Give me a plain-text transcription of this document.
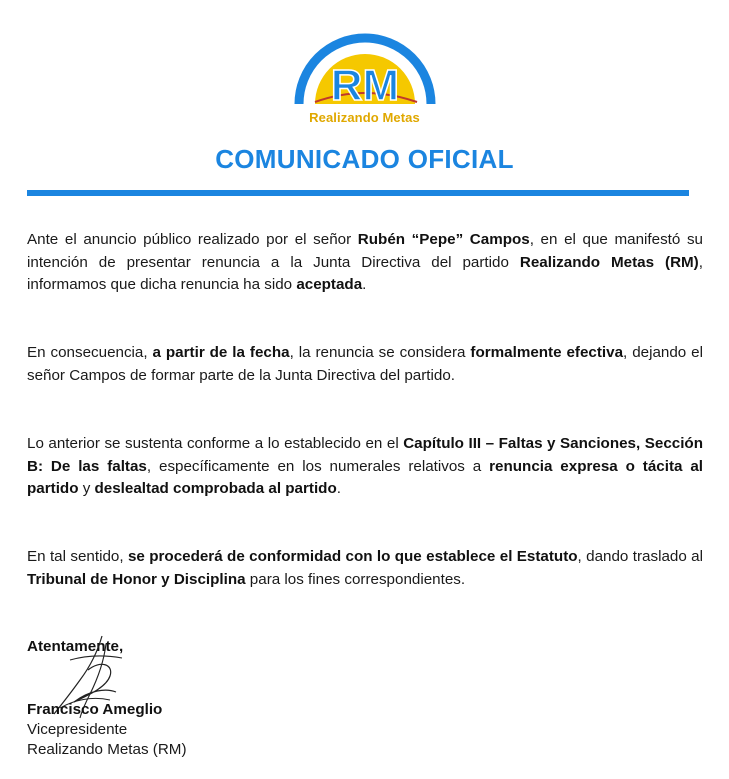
RM
Realizando Metas
COMUNICADO OFICIAL
Ante el anuncio público realizado por el señor Rubén “Pepe” Campos, en el que manifestó su intención de presentar renuncia a la Junta Directiva del partido Realizando Metas (RM), informamos que dicha renuncia ha sido aceptada.
En consecuencia, a partir de la fecha, la renuncia se considera formalmente efectiva, dejando el señor Campos de formar parte de la Junta Directiva del partido.
Lo anterior se sustenta conforme a lo establecido en el Capítulo III – Faltas y Sanciones, Sección B: De las faltas, específicamente en los numerales relativos a renuncia expresa o tácita al partido y deslealtad comprobada al partido.
En tal sentido, se procederá de conformidad con lo que establece el Estatuto, dando traslado al Tribunal de Honor y Disciplina para los fines correspondientes.
Atentamente,
Francisco Ameglio
Vicepresidente
Realizando Metas (RM)
